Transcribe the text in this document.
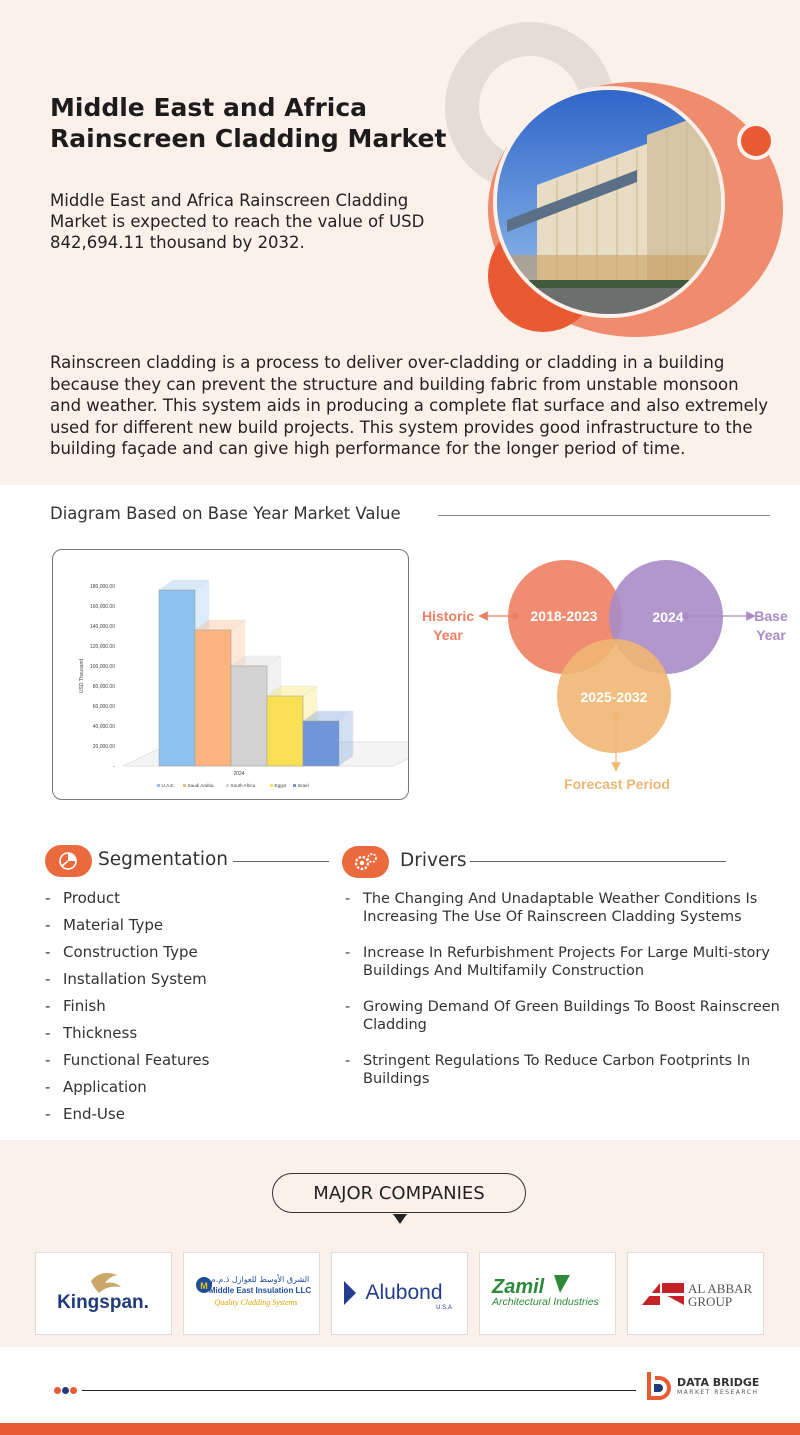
Middle East and Africa
Rainscreen Cladding Market

Middle East and Africa Rainscreen Cladding Market is expected to reach the value of USD 842,694.11 thousand by 2032.

Rainscreen cladding is a process to deliver over-cladding or cladding in a building because they can prevent the structure and building fabric from unstable monsoon and weather. This system aids in producing a complete flat surface and also extremely used for different new build projects. This system provides good infrastructure to the building façade and can give high performance for the longer period of time.

Diagram Based on Base Year Market Value
-
20,000.00
40,000.00
60,000.00
80,000.00
100,000.00
120,000.00
140,000.00
160,000.00
180,000.00
USD Thousand
2024
U.A.E.	Saudi Arabia	South Africa	Egypt Israel
2018-2023	2024
2025-2032
Historic Year
Base Year
Forecast Period
Segmentation
- Product
- Material Type
- Construction Type
- Installation System
- Finish
- Thickness
- Functional Features
- Application
- End-Use
Drivers
- The Changing And Unadaptable Weather Conditions Is Increasing The Use Of Rainscreen Cladding Systems
- Increase In Refurbishment Projects For Large Multi-story Buildings And Multifamily Construction
- Growing Demand Of Green Buildings To Boost Rainscreen Cladding
- Stringent Regulations To Reduce Carbon Footprints In Buildings
MAJOR COMPANIES
Kingspan.
M
الشرق الأوسط للعوازل ذ.م.م
Middle East Insulation LLC
Quality Cladding Systems	Alubond
U.S.A
Zamil
Architectural Industries
AL ABBAR
GROUP
DATA BRIDGE
MARKET RESEARCH
